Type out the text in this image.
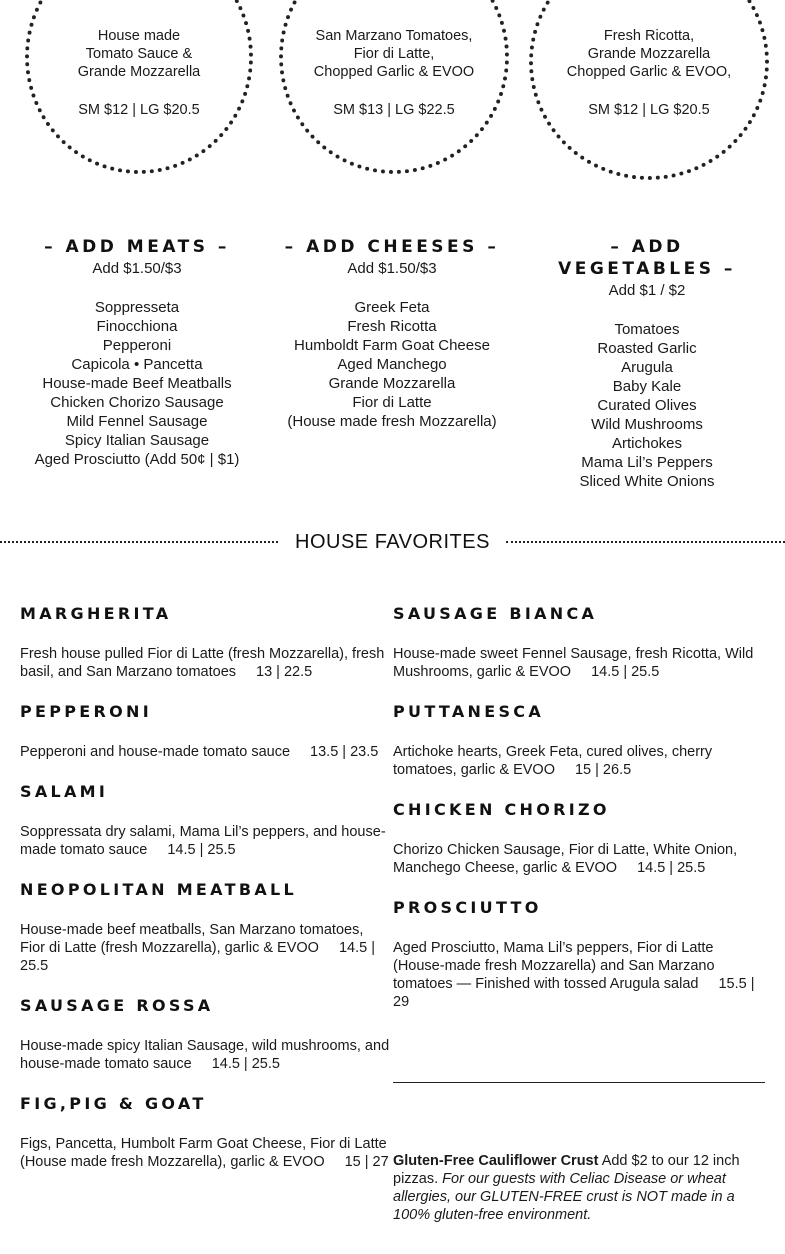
House made
Tomato Sauce &
Grande Mozzarella
SM $12 | LG $20.5
San Marzano Tomatoes,
Fior di Latte,
Chopped Garlic & EVOO
SM $13 | LG $22.5
Fresh Ricotta,
Grande Mozzarella
Chopped Garlic & EVOO,
SM $12 | LG $20.5
– ADD MEATS –
Add $1.50/$3
Soppresseta
Finocchiona
Pepperoni
Capicola • Pancetta
House-made Beef Meatballs
Chicken Chorizo Sausage
Mild Fennel Sausage
Spicy Italian Sausage
Aged Prosciutto (Add 50¢ | $1)
– ADD CHEESES –
Add $1.50/$3
Greek Feta
Fresh Ricotta
Humboldt Farm Goat Cheese
Aged Manchego
Grande Mozzarella
Fior di Latte
(House made fresh Mozzarella)
– ADD VEGETABLES –
Add $1 / $2
Tomatoes
Roasted Garlic
Arugula
Baby Kale
Curated Olives
Wild Mushrooms
Artichokes
Mama Lil’s Peppers
Sliced White Onions
HOUSE FAVORITES
MARGHERITA
Fresh house pulled Fior di Latte (fresh Mozzarella), fresh basil, and San Marzano tomatoes 13 | 22.5
PEPPERONI
Pepperoni and house-made tomato sauce 13.5 | 23.5
SALAMI
Soppressata dry salami, Mama Lil’s peppers, and house-made tomato sauce 14.5 | 25.5
NEOPOLITAN MEATBALL
House-made beef meatballs, San Marzano tomatoes, Fior di Latte (fresh Mozzarella), garlic & EVOO 14.5 | 25.5
SAUSAGE ROSSA
House-made spicy Italian Sausage, wild mushrooms, and house-made tomato sauce 14.5 | 25.5
FIG,PIG & GOAT
Figs, Pancetta, Humbolt Farm Goat Cheese, Fior di Latte (House made fresh Mozzarella), garlic & EVOO 15 | 27
SAUSAGE BIANCA
House-made sweet Fennel Sausage, fresh Ricotta, Wild Mushrooms, garlic & EVOO 14.5 | 25.5
PUTTANESCA
Artichoke hearts, Greek Feta, cured olives, cherry tomatoes, garlic & EVOO 15 | 26.5
CHICKEN CHORIZO
Chorizo Chicken Sausage, Fior di Latte, White Onion, Manchego Cheese, garlic & EVOO 14.5 | 25.5
PROSCIUTTO
Aged Prosciutto, Mama Lil’s peppers, Fior di Latte (House-made fresh Mozzarella) and San Marzano tomatoes — Finished with tossed Arugula salad 15.5 | 29
Gluten-Free Cauliflower Crust Add $2 to our 12 inch pizzas. For our guests with Celiac Disease or wheat allergies, our GLUTEN-FREE crust is NOT made in a 100% gluten-free environment.
